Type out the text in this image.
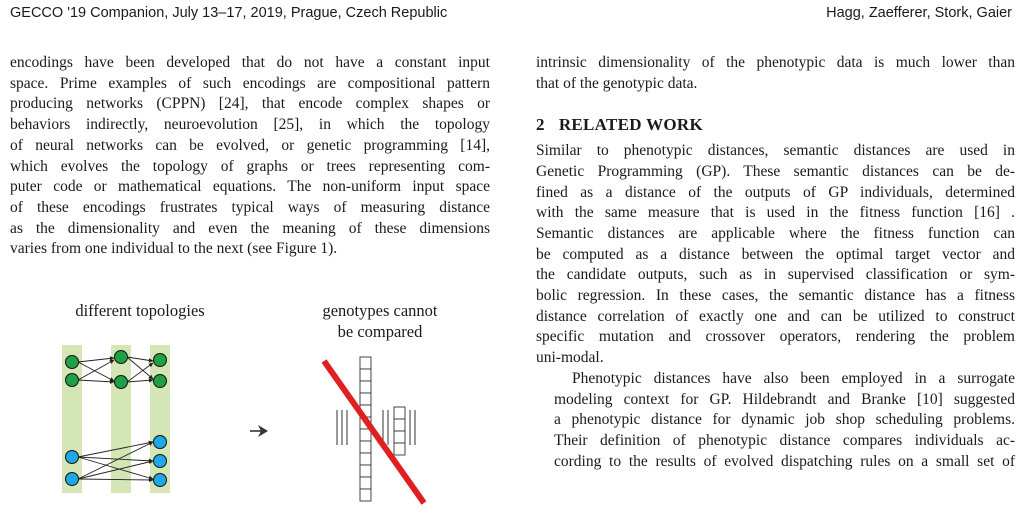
GECCO '19 Companion, July 13–17, 2019, Prague, Czech Republic	Hagg, Zaefferer, Stork, Gaier

encodings have been developed that do not have a constant input
space. Prime examples of such encodings are compositional pattern
producing networks (CPPN) [24], that encode complex shapes or
behaviors indirectly, neuroevolution [25], in which the topology
of neural networks can be evolved, or genetic programming [14],
which evolves the topology of graphs or trees representing com-
puter code or mathematical equations. The non-uniform input space
of these encodings frustrates typical ways of measuring distance
as the dimensionality and even the meaning of these dimensions
varies from one individual to the next (see Figure 1).

different topologies	genotypes cannot
be compared

intrinsic dimensionality of the phenotypic data is much lower than
that of the genotypic data.

2 RELATED WORK

Similar to phenotypic distances, semantic distances are used in
Genetic Programming (GP). These semantic distances can be de-
fined as a distance of the outputs of GP individuals, determined
with the same measure that is used in the fitness function [16] .
Semantic distances are applicable where the fitness function can
be computed as a distance between the optimal target vector and
the candidate outputs, such as in supervised classification or sym-
bolic regression. In these cases, the semantic distance has a fitness
distance correlation of exactly one and can be utilized to construct
specific mutation and crossover operators, rendering the problem
uni-modal.

Phenotypic distances have also been employed in a surrogate
modeling context for GP. Hildebrandt and Branke [10] suggested
a phenotypic distance for dynamic job shop scheduling problems.
Their definition of phenotypic distance compares individuals ac-
cording to the results of evolved dispatching rules on a small set of
